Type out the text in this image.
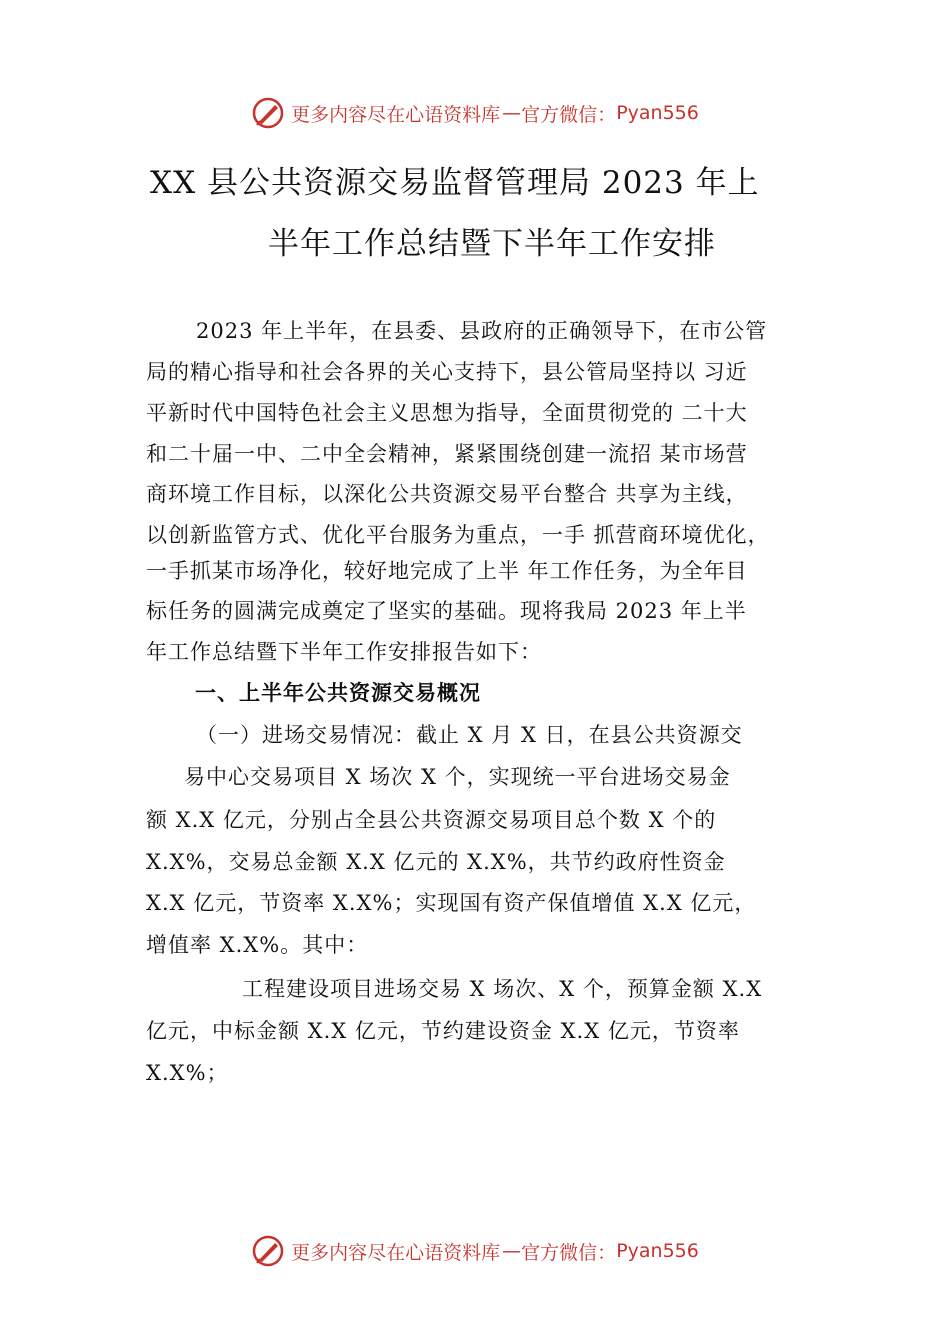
更多内容尽在心语资料库 — 官方微信： Pyan556
XX 县公共资源交易监督管理局 2023 年上
半年工作总结暨下半年工作安排
2023 年上半年，在县委、县政府的正确领导下，在市公管
局的精心指导和社会各界的关心支持下，县公管局坚持以 习近
平新时代中国特色社会主义思想为指导，全面贯彻党的 二十大
和二十届一中、二中全会精神，紧紧围绕创建一流招 某市场营
商环境工作目标，以深化公共资源交易平台整合 共享为主线，
以创新监管方式、优化平台服务为重点，一手 抓营商环境优化，
一手抓某市场净化，较好地完成了上半 年工作任务，为全年目
标任务的圆满完成奠定了坚实的基础。现将我局 2023 年上半
年工作总结暨下半年工作安排报告如下：
一、上半年公共资源交易概况
（一）进场交易情况：截止 X 月 X 日，在县公共资源交
易中心交易项目 X 场次 X 个，实现统一平台进场交易金
额 X.X 亿元，分别占全县公共资源交易项目总个数 X 个的
X.X%，交易总金额 X.X 亿元的 X.X%，共节约政府性资金
X.X 亿元，节资率 X.X%；实现国有资产保值增值 X.X 亿元，
增值率 X.X%。其中：
工程建设项目进场交易 X 场次、X 个，预算金额 X.X
亿元，中标金额 X.X 亿元，节约建设资金 X.X 亿元，节资率
X.X%；
更多内容尽在心语资料库 — 官方微信： Pyan556
